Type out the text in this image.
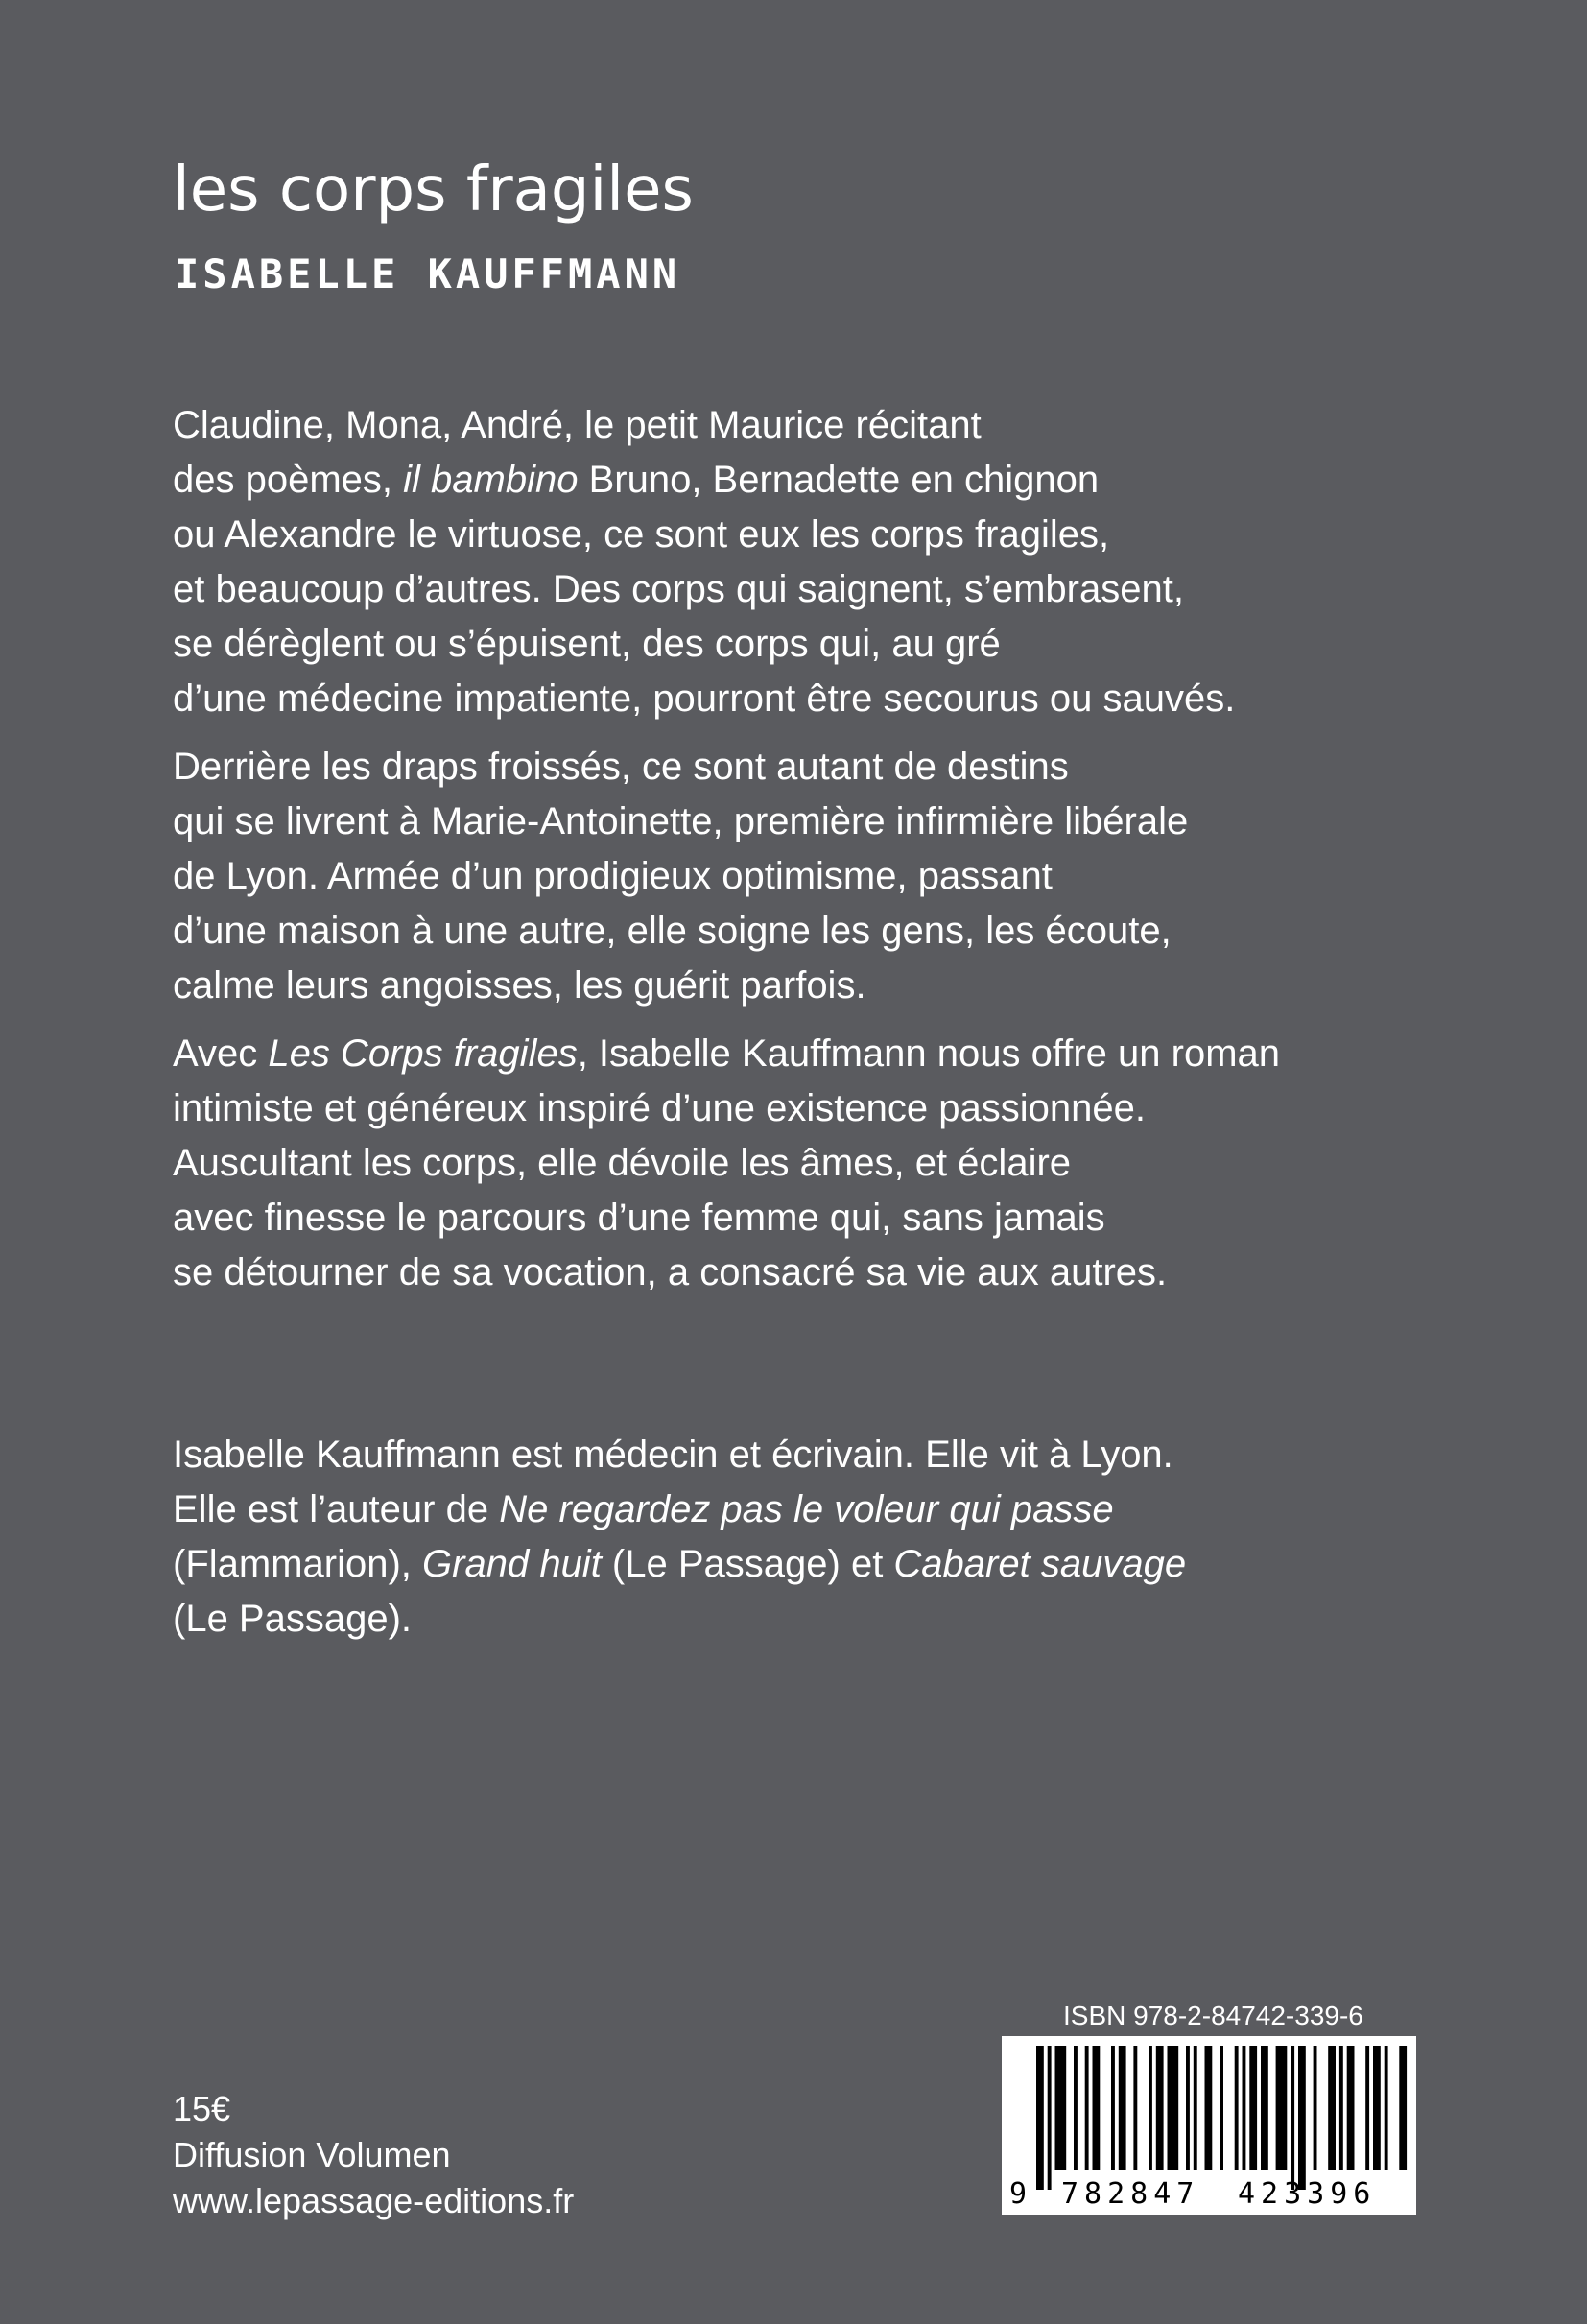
les corps fragiles
ISABELLE KAUFFMANN

Claudine, Mona, André, le petit Maurice récitant
des poèmes, il bambino Bruno, Bernadette en chignon
ou Alexandre le virtuose, ce sont eux les corps fragiles,
et beaucoup d’autres. Des corps qui saignent, s’embrasent,
se dérèglent ou s’épuisent, des corps qui, au gré
d’une médecine impatiente, pourront être secourus ou sauvés.

Derrière les draps froissés, ce sont autant de destins
qui se livrent à Marie-Antoinette, première infirmière libérale
de Lyon. Armée d’un prodigieux optimisme, passant
d’une maison à une autre, elle soigne les gens, les écoute,
calme leurs angoisses, les guérit parfois.

Avec Les Corps fragiles, Isabelle Kauffmann nous offre un roman
intimiste et généreux inspiré d’une existence passionnée.
Auscultant les corps, elle dévoile les âmes, et éclaire
avec finesse le parcours d’une femme qui, sans jamais
se détourner de sa vocation, a consacré sa vie aux autres.

Isabelle Kauffmann est médecin et écrivain. Elle vit à Lyon.
Elle est l’auteur de Ne regardez pas le voleur qui passe
(Flammarion), Grand huit (Le Passage) et Cabaret sauvage
(Le Passage).
15€
Diffusion Volumen
www.lepassage-editions.fr
ISBN 978-2-84742-339-6
9 782847 423396
